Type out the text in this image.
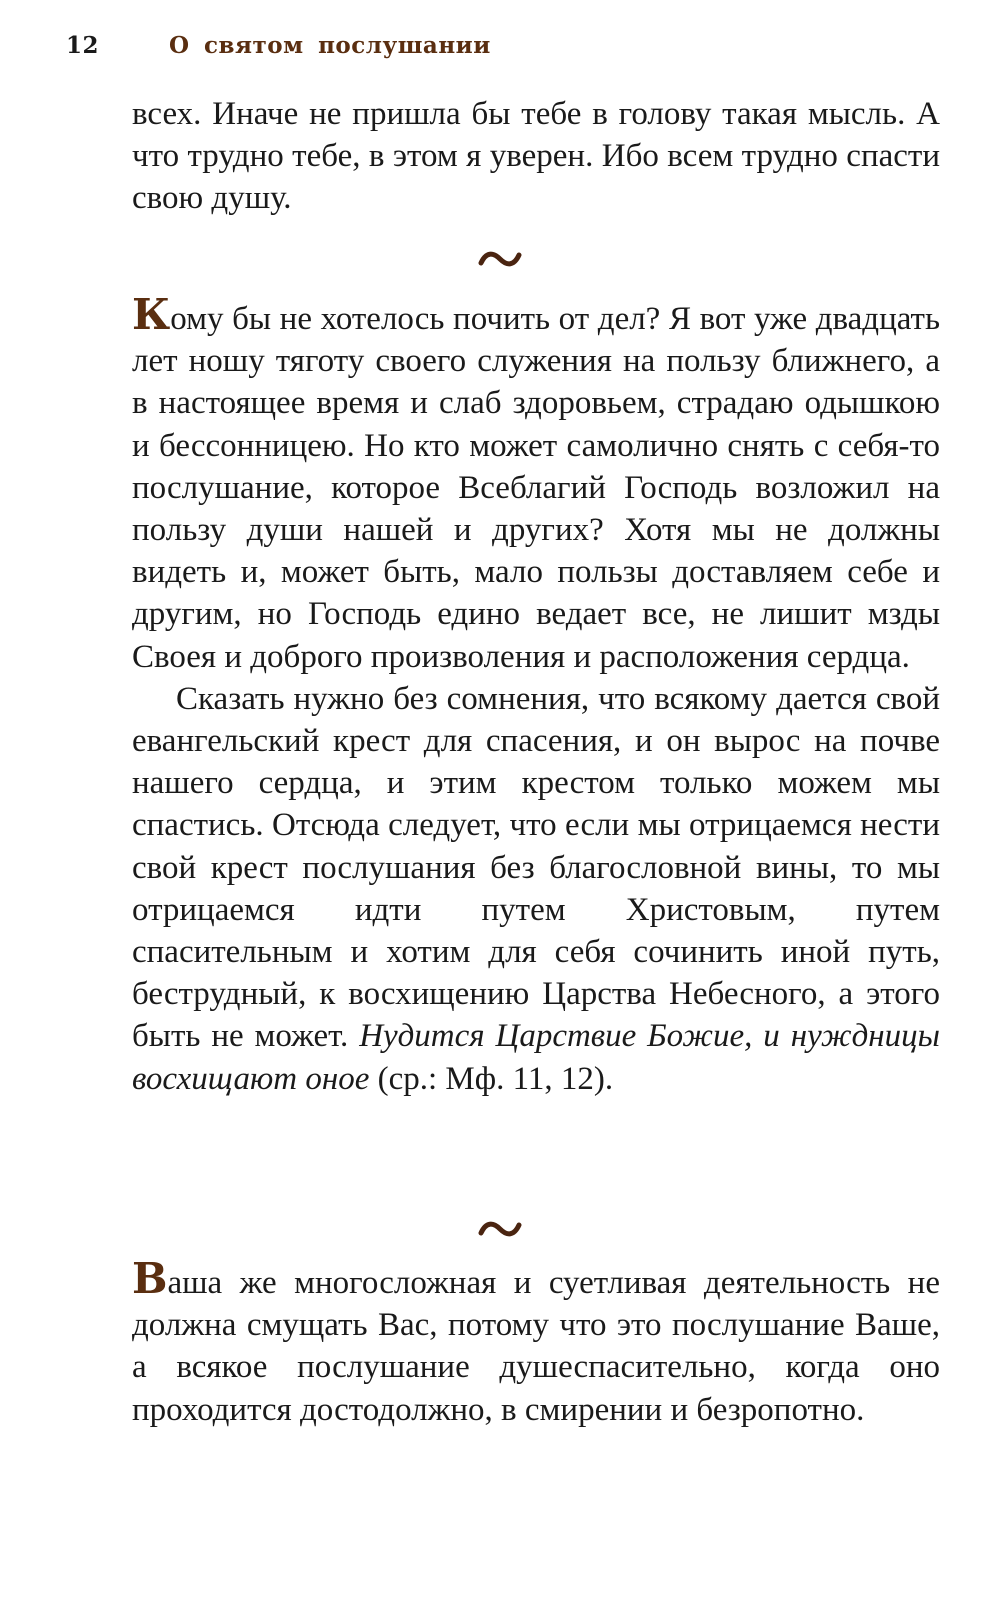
12	О святом послушании

всех. Иначе не пришла бы тебе в голову такая мысль. А что трудно тебе, в этом я уверен. Ибо всем трудно спасти свою душу.

Кому бы не хотелось почить от дел? Я вот уже двадцать лет ношу тяготу своего служения на пользу ближнего, а в настоящее время и слаб здоровьем, страдаю одышкою и бессонницею. Но кто может самолично снять с себя-то послушание, которое Всеблагий Господь возложил на пользу души нашей и других? Хотя мы не должны видеть и, может быть, мало пользы доставляем себе и другим, но Господь едино ведает все, не лишит мзды Своея и доброго произволения и расположения сердца.

Сказать нужно без сомнения, что всякому дается свой евангельский крест для спасения, и он вырос на почве нашего сердца, и этим крестом только можем мы спастись. Отсюда следует, что если мы отрицаемся нести свой крест послушания без благословной вины, то мы отрицаемся идти путем Христовым, путем спасительным и хотим для себя сочинить иной путь, беструдный, к восхищению Царства Небесного, а этого быть не может. Нудится Царствие Божие, и нуждницы восхищают оное (ср.: Мф. 11, 12).

Ваша же многосложная и суетливая деятельность не должна смущать Вас, потому что это послушание Ваше, а всякое послушание душеспасительно, когда оно проходится достодолжно, в смирении и безропотно.
